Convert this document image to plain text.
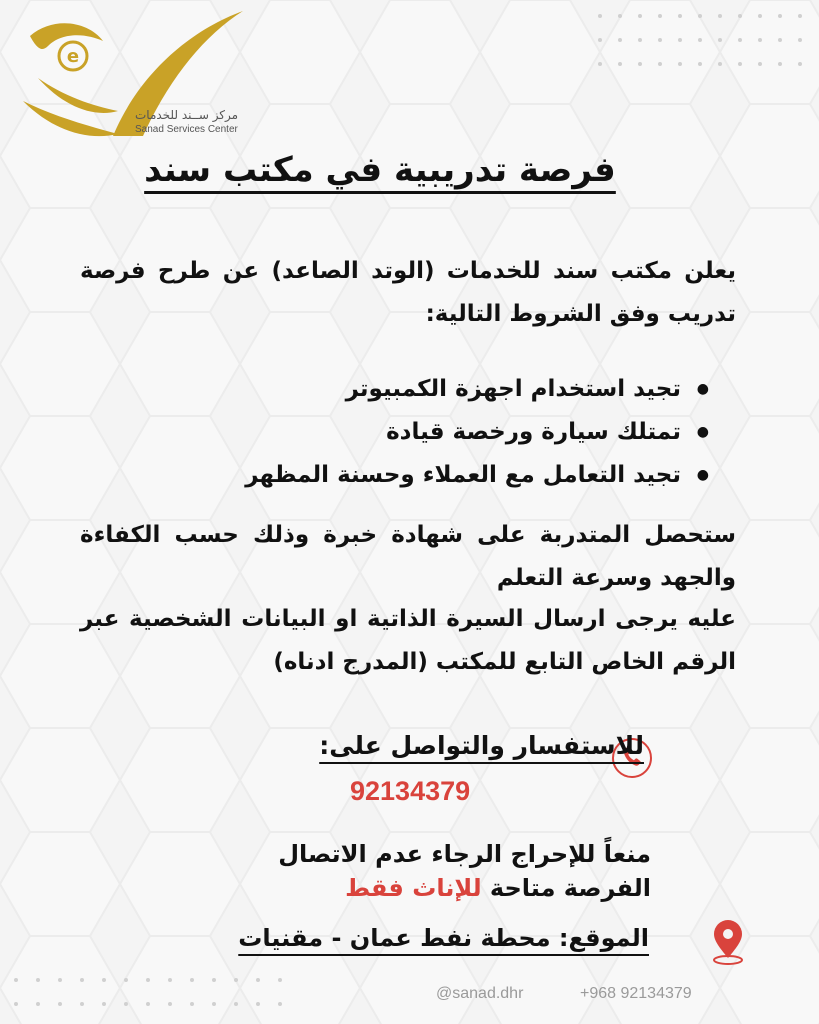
e
مركز ســند للخدمات
Sanad Services Center
فرصة تدريبية في مكتب سند
يعلن مكتب سند للخدمات (الوتد الصاعد) عن طرح فرصة تدريب وفق الشروط التالية:
● تجيد استخدام اجهزة الكمبيوتر
● تمتلك سيارة ورخصة قيادة
● تجيد التعامل مع العملاء وحسنة المظهر
ستحصل المتدربة على شهادة خبرة وذلك حسب الكفاءة والجهد وسرعة التعلم
عليه يرجى ارسال السيرة الذاتية او البيانات الشخصية عبر الرقم الخاص التابع للمكتب (المدرج ادناه)
للاستفسار والتواصل على:
92134379
منعاً للإحراج الرجاء عدم الاتصال
الفرصة متاحة للإناث فقط
الموقع: محطة نفط عمان - مقنيات
@sanad.dhr	+968 92134379
